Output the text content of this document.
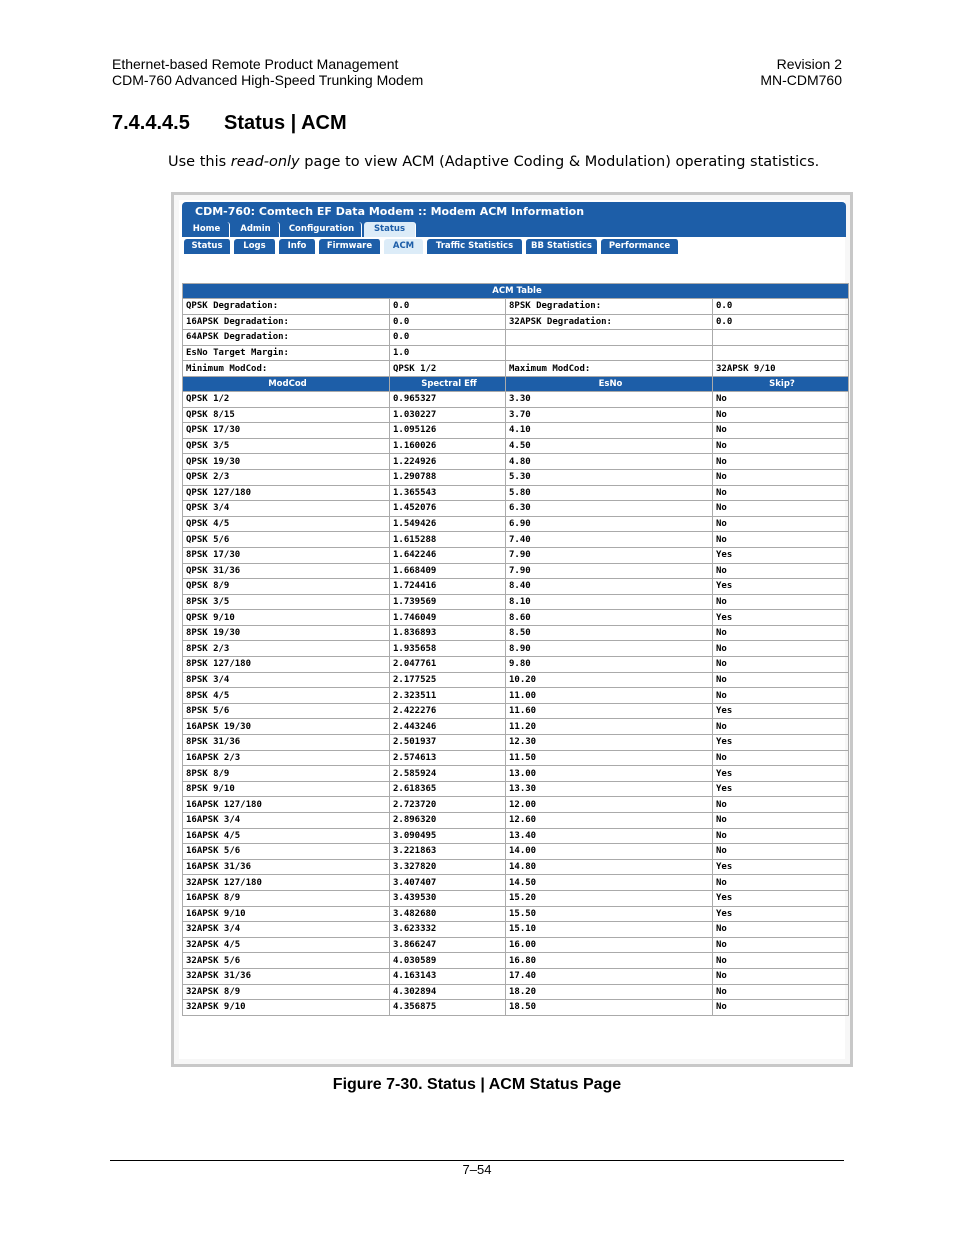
Ethernet-based Remote Product Management
CDM-760 Advanced High-Speed Trunking Modem
Revision 2
MN-CDM760
7.4.4.4.5 Status | ACM
Use this read-only page to view ACM (Adaptive Coding & Modulation) operating statistics.
CDM-760: Comtech EF Data Modem :: Modem ACM Information
Home	Admin	Configuration	Status
Status	Logs	Info	Firmware	ACM	Traffic Statistics	BB Statistics	Performance
ACM Table			
QPSK Degradation:	0.0	8PSK Degradation:	0.0
16APSK Degradation:	0.0	32APSK Degradation:	0.0
64APSK Degradation:	0.0		
EsNo Target Margin:	1.0		
Minimum ModCod:	QPSK 1/2	Maximum ModCod:	32APSK 9/10
ModCod	Spectral Eff	EsNo	Skip?
QPSK 1/2	0.965327	3.30	No
QPSK 8/15	1.030227	3.70	No
QPSK 17/30	1.095126	4.10	No
QPSK 3/5	1.160026	4.50	No
QPSK 19/30	1.224926	4.80	No
QPSK 2/3	1.290788	5.30	No
QPSK 127/180	1.365543	5.80	No
QPSK 3/4	1.452076	6.30	No
QPSK 4/5	1.549426	6.90	No
QPSK 5/6	1.615288	7.40	No
8PSK 17/30	1.642246	7.90	Yes
QPSK 31/36	1.668409	7.90	No
QPSK 8/9	1.724416	8.40	Yes
8PSK 3/5	1.739569	8.10	No
QPSK 9/10	1.746049	8.60	Yes
8PSK 19/30	1.836893	8.50	No
8PSK 2/3	1.935658	8.90	No
8PSK 127/180	2.047761	9.80	No
8PSK 3/4	2.177525	10.20	No
8PSK 4/5	2.323511	11.00	No
8PSK 5/6	2.422276	11.60	Yes
16APSK 19/30	2.443246	11.20	No
8PSK 31/36	2.501937	12.30	Yes
16APSK 2/3	2.574613	11.50	No
8PSK 8/9	2.585924	13.00	Yes
8PSK 9/10	2.618365	13.30	Yes
16APSK 127/180	2.723720	12.00	No
16APSK 3/4	2.896320	12.60	No
16APSK 4/5	3.090495	13.40	No
16APSK 5/6	3.221863	14.00	No
16APSK 31/36	3.327820	14.80	Yes
32APSK 127/180	3.407407	14.50	No
16APSK 8/9	3.439530	15.20	Yes
16APSK 9/10	3.482680	15.50	Yes
32APSK 3/4	3.623332	15.10	No
32APSK 4/5	3.866247	16.00	No
32APSK 5/6	4.030589	16.80	No
32APSK 31/36	4.163143	17.40	No
32APSK 8/9	4.302894	18.20	No
32APSK 9/10	4.356875	18.50	No
Figure 7-30. Status | ACM Status Page
7–54
